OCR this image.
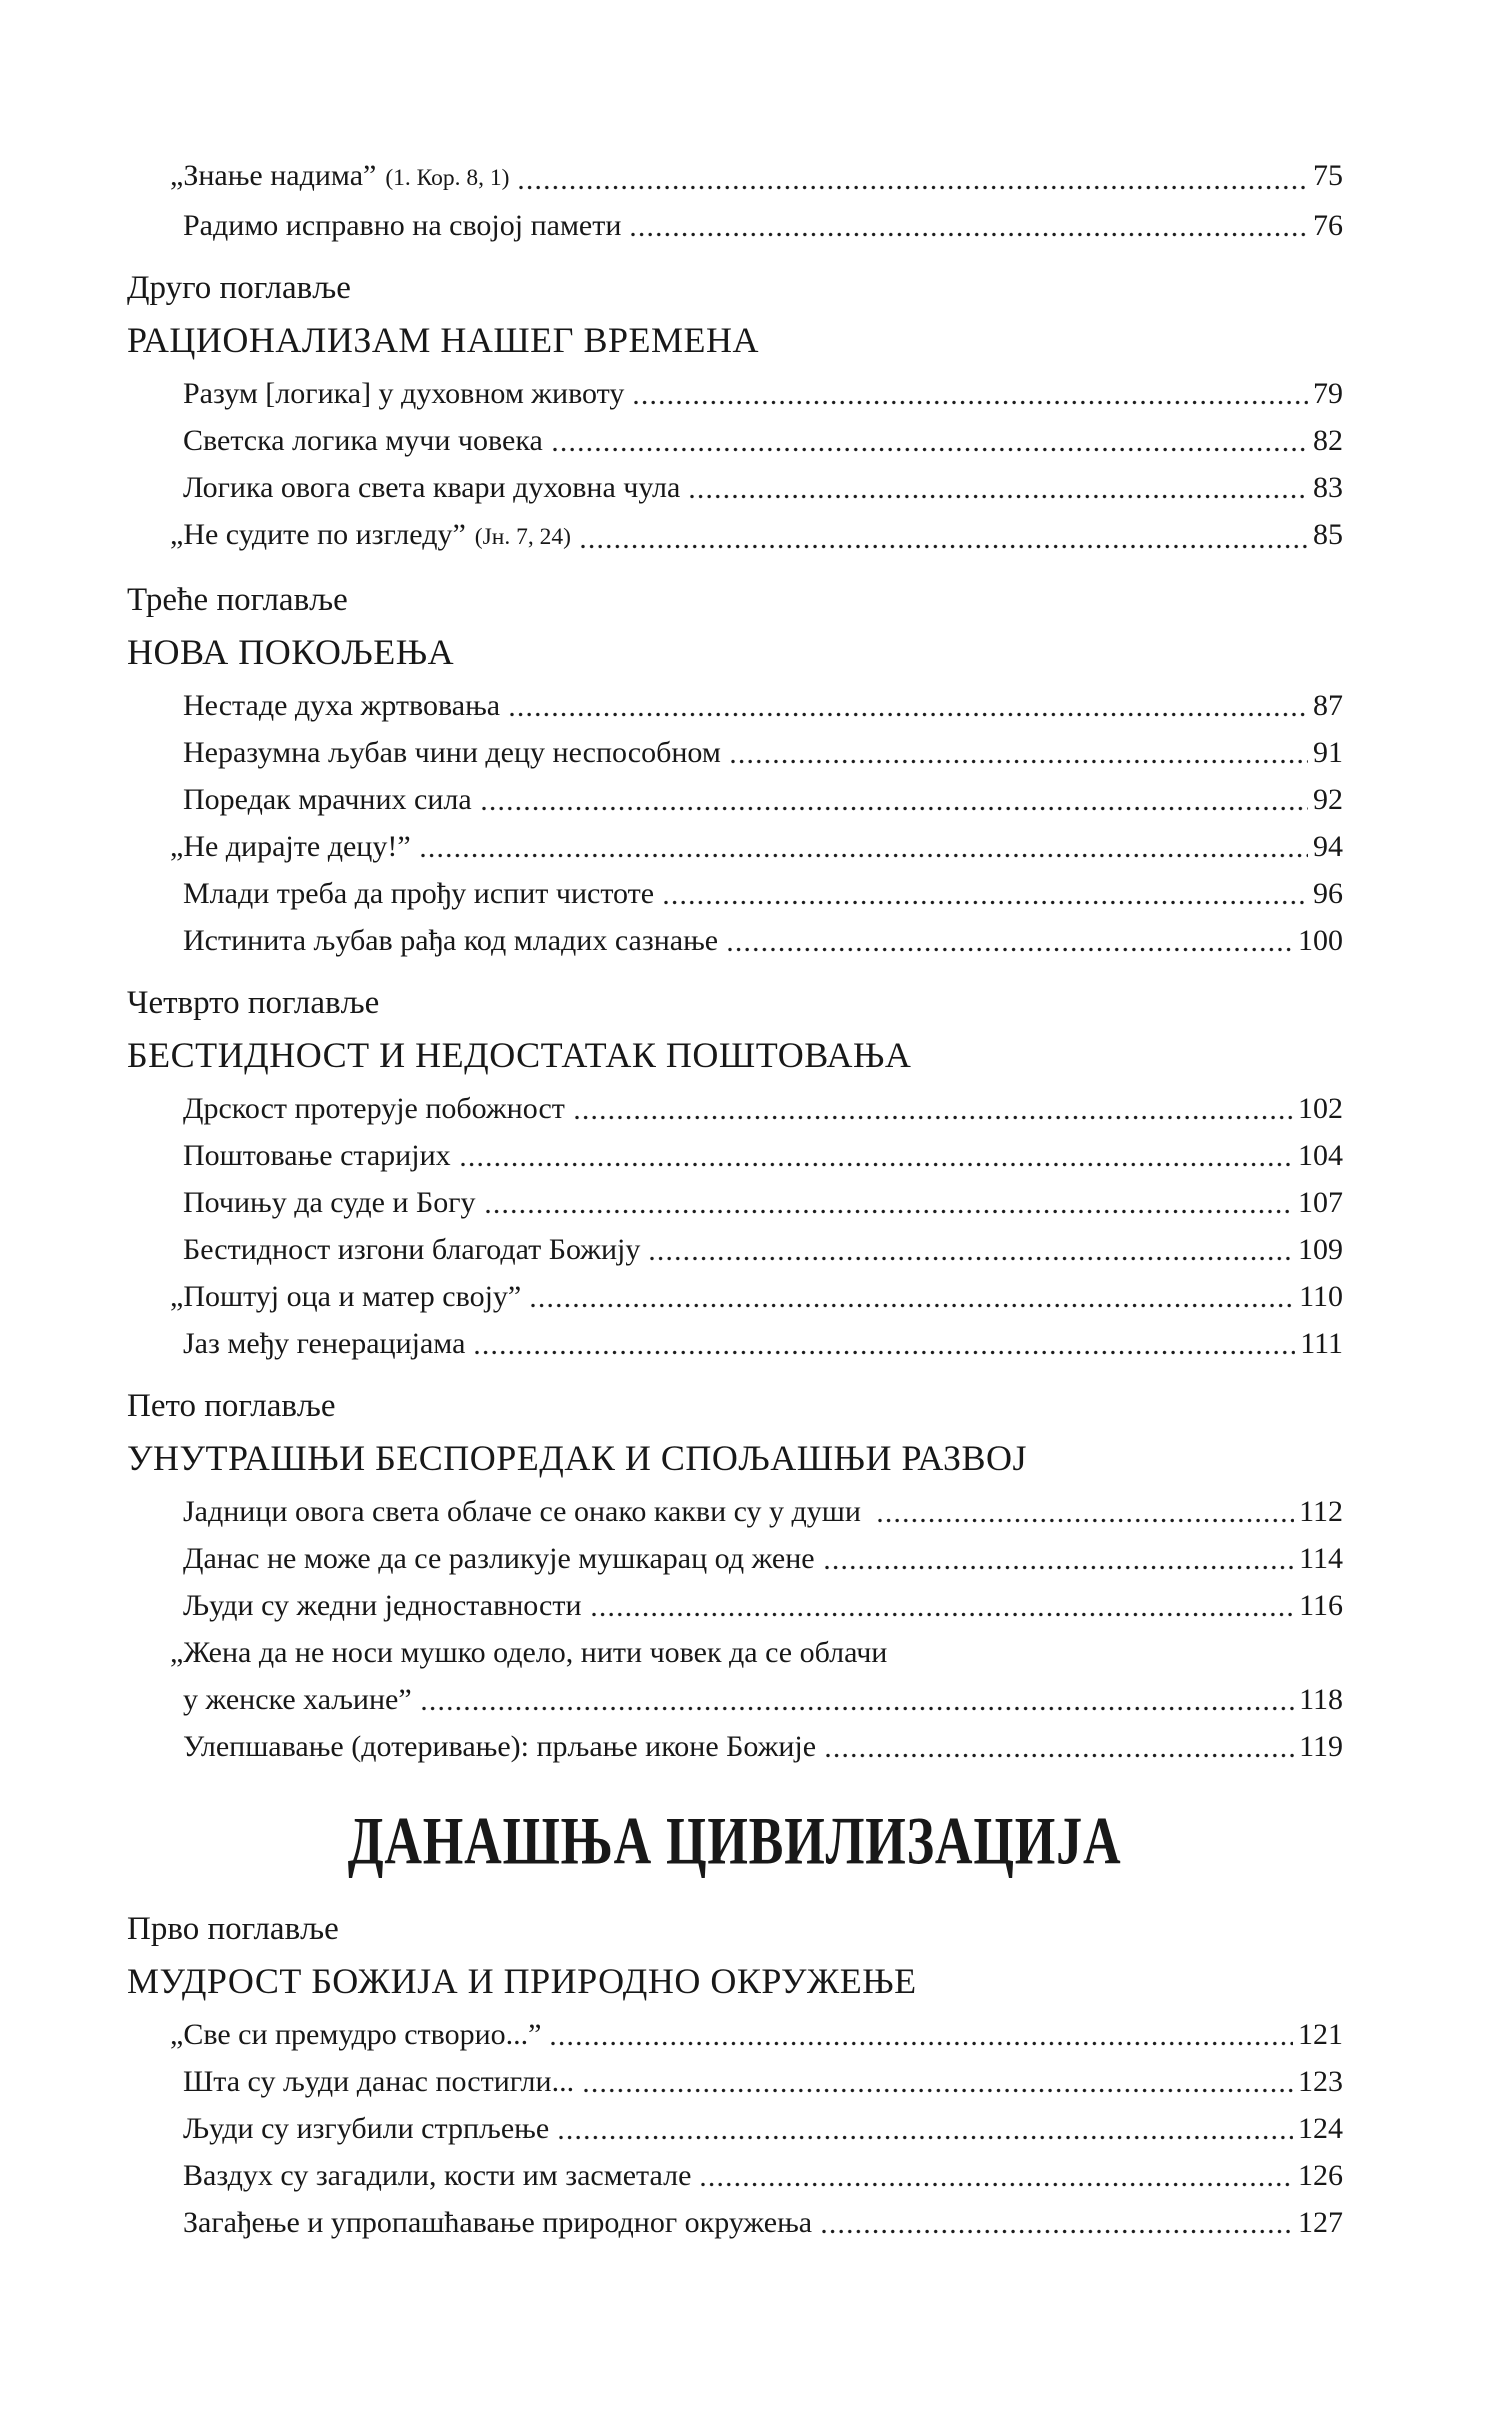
„Знање надима” (1. Кор. 8, 1)	75
Радимо исправно на својој памети	76
Друго поглавље
РАЦИОНАЛИЗАМ НАШЕГ ВРЕМЕНА
Разум [логика] у духовном животу	79
Светска логика мучи човека	82
Логика овога света квари духовна чула	83
„Не судите по изгледу” (Јн. 7, 24)	85
Треће поглавље
НОВА ПОКОЉЕЊА
Нестаде духа жртвовања	87
Неразумна љубав чини децу неспособном	91
Поредак мрачних сила	92
„Не дирајте децу!”	94
Млади треба да прођу испит чистоте	96
Истинита љубав рађа код младих сазнање	100
Четврто поглавље
БЕСТИДНОСТ И НЕДОСТАТАК ПОШТОВАЊА
Дрскост протерује побожност	102
Поштовање старијих	104
Почињу да суде и Богу	107
Бестидност изгони благодат Божију	109
„Поштуј оца и матер своју”	110
Јаз међу генерацијама	111
Пето поглавље
УНУТРАШЊИ БЕСПОРЕДАК И СПОЉАШЊИ РАЗВОЈ
Јадници овога света облаче се онако какви су у души	112
Данас не може да се разликује мушкарац од жене	114
Људи су жедни једноставности	116
„Жена да не носи мушко одело, нити човек да се облачи
у женске хаљине”	118
Улепшавање (дотеривање): прљање иконе Божије	119
ДАНАШЊА ЦИВИЛИЗАЦИЈА
Прво поглавље
МУДРОСТ БОЖИЈА И ПРИРОДНО ОКРУЖЕЊЕ
„Све си премудро створио...”	121
Шта су људи данас постигли...	123
Људи су изгубили стрпљење	124
Ваздух су загадили, кости им засметале	126
Загађење и упропашћавање природног окружења	127
